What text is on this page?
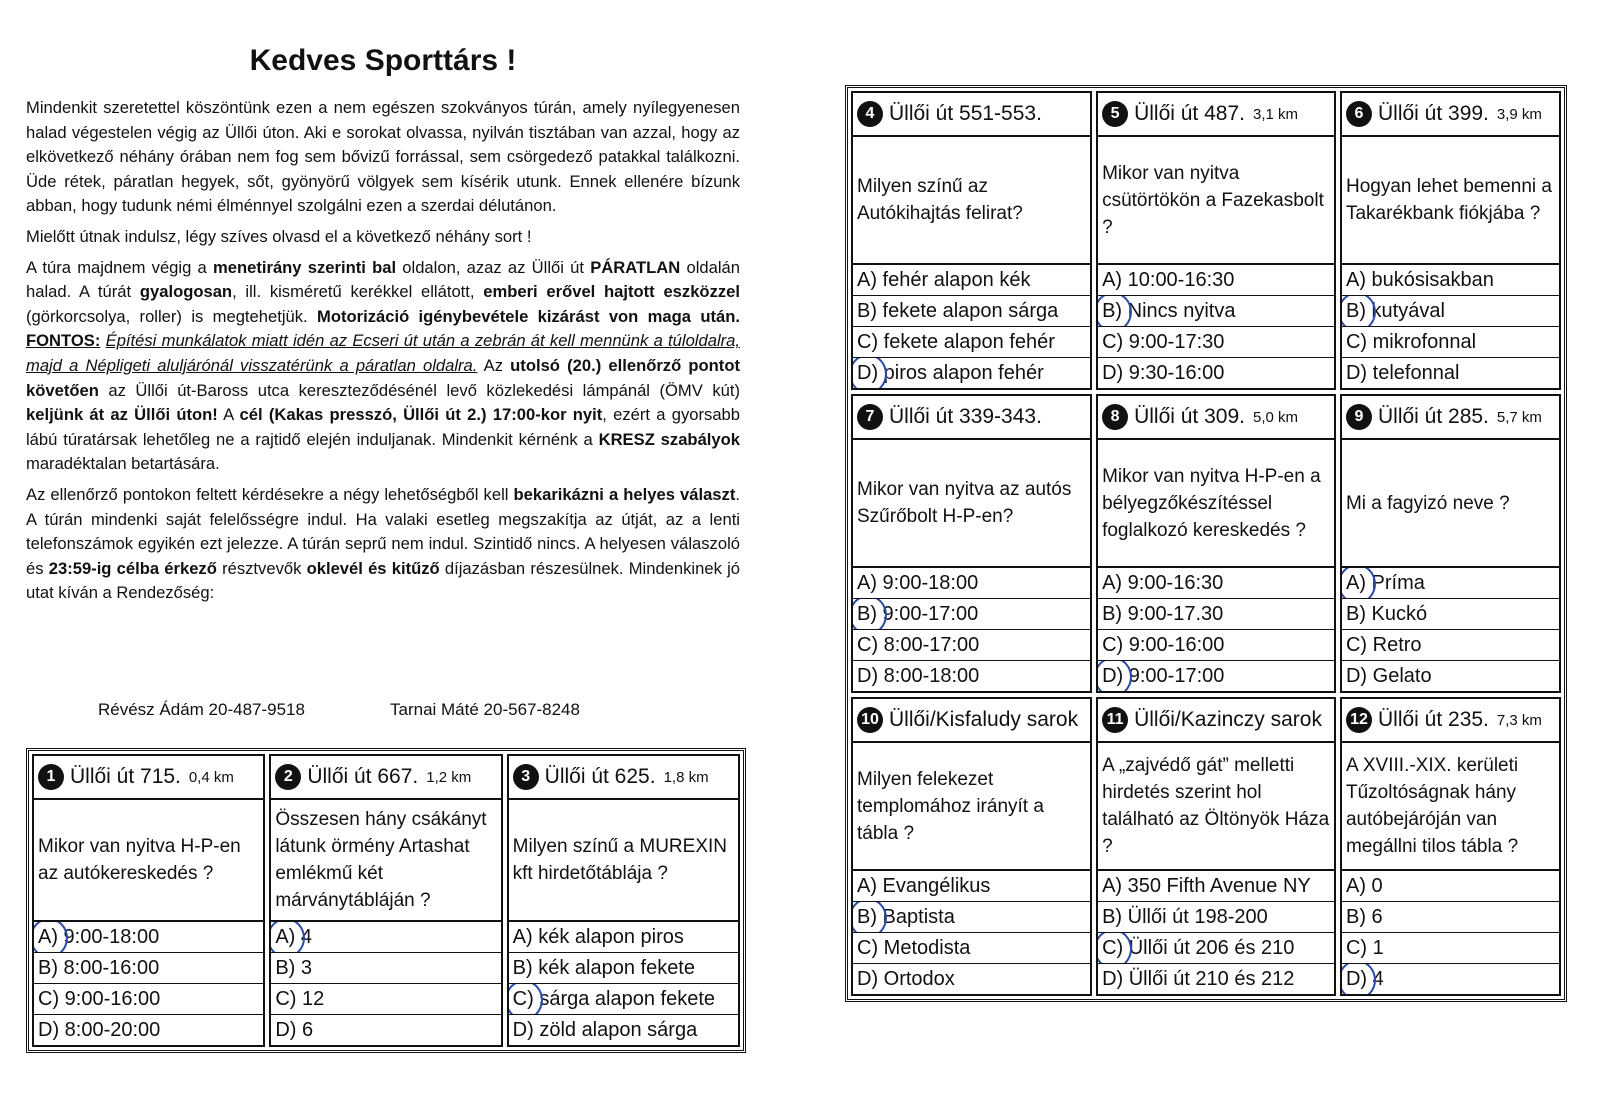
Kedves Sporttárs !

Mindenkit szeretettel köszöntünk ezen a nem egészen szokványos túrán, amely nyílegyenesen halad végestelen végig az Üllői úton. Aki e sorokat olvassa, nyilván tisztában van azzal, hogy az elkövetkező néhány órában nem fog sem bővizű forrással, sem csörgedező patakkal találkozni. Üde rétek, páratlan hegyek, sőt, gyönyörű völgyek sem kísérik utunk. Ennek ellenére bízunk abban, hogy tudunk némi élménnyel szolgálni ezen a szerdai délutánon.

Mielőtt útnak indulsz, légy szíves olvasd el a következő néhány sort !

A túra majdnem végig a menetirány szerinti bal oldalon, azaz az Üllői út PÁRATLAN oldalán halad. A túrát gyalogosan, ill. kisméretű kerékkel ellátott, emberi erővel hajtott eszközzel (görkorcsolya, roller) is megtehetjük. Motorizáció igénybevétele kizárást von maga után. FONTOS: Építési munkálatok miatt idén az Ecseri út után a zebrán át kell mennünk a túloldalra, majd a Népligeti aluljárónál visszatérünk a páratlan oldalra. Az utolsó (20.) ellenőrző pontot követően az Üllői út-Baross utca kereszteződésénél levő közlekedési lámpánál (ÖMV kút) keljünk át az Üllői úton! A cél (Kakas presszó, Üllői út 2.) 17:00-kor nyit, ezért a gyorsabb lábú túratársak lehetőleg ne a rajtidő elején induljanak. Mindenkit kérnénk a KRESZ szabályok maradéktalan betartására.

Az ellenőrző pontokon feltett kérdésekre a négy lehetőségből kell bekarikázni a helyes választ. A túrán mindenki saját felelősségre indul. Ha valaki esetleg megszakítja az útját, az a lenti telefonszámok egyikén ezt jelezze. A túrán seprű nem indul. Szintidő nincs. A helyesen válaszoló és 23:59-ig célba érkező résztvevők oklevél és kitűző díjazásban részesülnek. Mindenkinek jó utat kíván a Rendezőség:

Révész Ádám 20-487-9518	Tarnai Máté 20-567-8248
1 Üllői út 715. 0,4 km
Mikor van nyitva H-P-en az autókereskedés ?
A) 9:00-18:00
B) 8:00-16:00
C) 9:00-16:00
D) 8:00-20:00
2 Üllői út 667. 1,2 km
Összesen hány csákányt látunk örmény Artashat emlékmű két márványtábláján ?
A) 4
B) 3
C) 12
D) 6
3 Üllői út 625. 1,8 km
Milyen színű a MUREXIN kft hirdetőtáblája ?
A) kék alapon piros
B) kék alapon fekete
C) sárga alapon fekete
D) zöld alapon sárga
4 Üllői út 551-553.
Milyen színű az Autókihajtás felirat?
A) fehér alapon kék
B) fekete alapon sárga
C) fekete alapon fehér
D) piros alapon fehér
5 Üllői út 487. 3,1 km
Mikor van nyitva csütörtökön a Fazekasbolt ?
A) 10:00-16:30
B) Nincs nyitva
C) 9:00-17:30
D) 9:30-16:00
6 Üllői út 399. 3,9 km
Hogyan lehet bemenni a Takarékbank fiókjába ?
A) bukósisakban
B) kutyával
C) mikrofonnal
D) telefonnal
7 Üllői út 339-343.
Mikor van nyitva az autós Szűrőbolt H-P-en?
A) 9:00-18:00
B) 9:00-17:00
C) 8:00-17:00
D) 8:00-18:00
8 Üllői út 309. 5,0 km
Mikor van nyitva H-P-en a bélyegzőkészítéssel foglalkozó kereskedés ?
A) 9:00-16:30
B) 9:00-17.30
C) 9:00-16:00
D) 9:00-17:00
9 Üllői út 285. 5,7 km
Mi a fagyizó neve ?
A) Príma
B) Kuckó
C) Retro
D) Gelato
10 Üllői/Kisfaludy sarok
Milyen felekezet templomához irányít a tábla ?
A) Evangélikus
B) Baptista
C) Metodista
D) Ortodox
11 Üllői/Kazinczy sarok
A „zajvédő gát” melletti hirdetés szerint hol található az Öltönyök Háza ?
A) 350 Fifth Avenue NY
B) Üllői út 198-200
C) Üllői út 206 és 210
D) Üllői út 210 és 212
12 Üllői út 235. 7,3 km
A XVIII.-XIX. kerületi Tűzoltóságnak hány autóbejáróján van megállni tilos tábla ?
A) 0
B) 6
C) 1
D) 4
